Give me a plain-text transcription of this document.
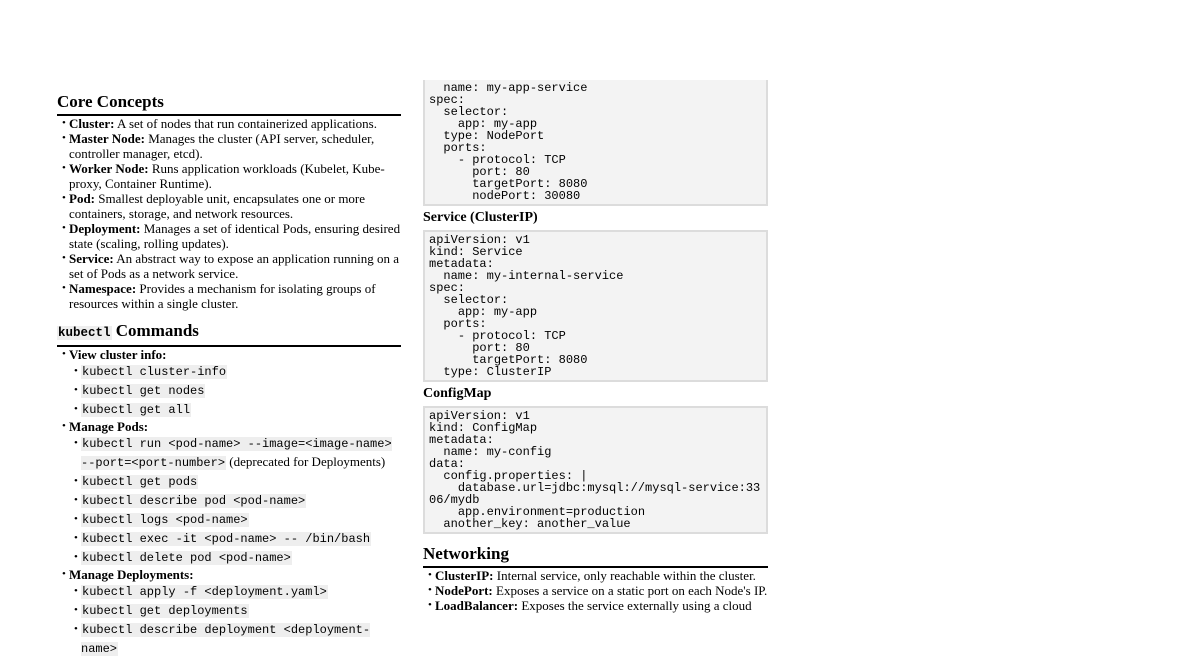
Core Concepts
• Cluster: A set of nodes that run containerized applications.
• Master Node: Manages the cluster (API server, scheduler, controller manager, etcd).
• Worker Node: Runs application workloads (Kubelet, Kube-proxy, Container Runtime).
• Pod: Smallest deployable unit, encapsulates one or more containers, storage, and network resources.
• Deployment: Manages a set of identical Pods, ensuring desired state (scaling, rolling updates).
• Service: An abstract way to expose an application running on a set of Pods as a network service.
• Namespace: Provides a mechanism for isolating groups of resources within a single cluster.
kubectl Commands
• View cluster info:
• kubectl cluster-info
• kubectl get nodes
• kubectl get all
• Manage Pods:
• kubectl run <pod-name> --image=<image-name> --port=<port-number> (deprecated for Deployments)
• kubectl get pods
• kubectl describe pod <pod-name>
• kubectl logs <pod-name>
• kubectl exec -it <pod-name> -- /bin/bash
• kubectl delete pod <pod-name>
• Manage Deployments:
• kubectl apply -f <deployment.yaml>
• kubectl get deployments
• kubectl describe deployment <deployment-name>
name: my-app-service
spec:
selector:
app: my-app
type: NodePort
ports:
- protocol: TCP
port: 80
targetPort: 8080
nodePort: 30080
Service (ClusterIP)
apiVersion: v1
kind: Service
metadata:
name: my-internal-service
spec:
selector:
app: my-app
ports:
- protocol: TCP
port: 80
targetPort: 8080
type: ClusterIP
ConfigMap
apiVersion: v1
kind: ConfigMap
metadata:
name: my-config
data:
config.properties: |
database.url=jdbc:mysql://mysql-service:3306/mydb
app.environment=production
another_key: another_value
Networking
• ClusterIP: Internal service, only reachable within the cluster.
• NodePort: Exposes a service on a static port on each Node's IP.
• LoadBalancer: Exposes the service externally using a cloud
